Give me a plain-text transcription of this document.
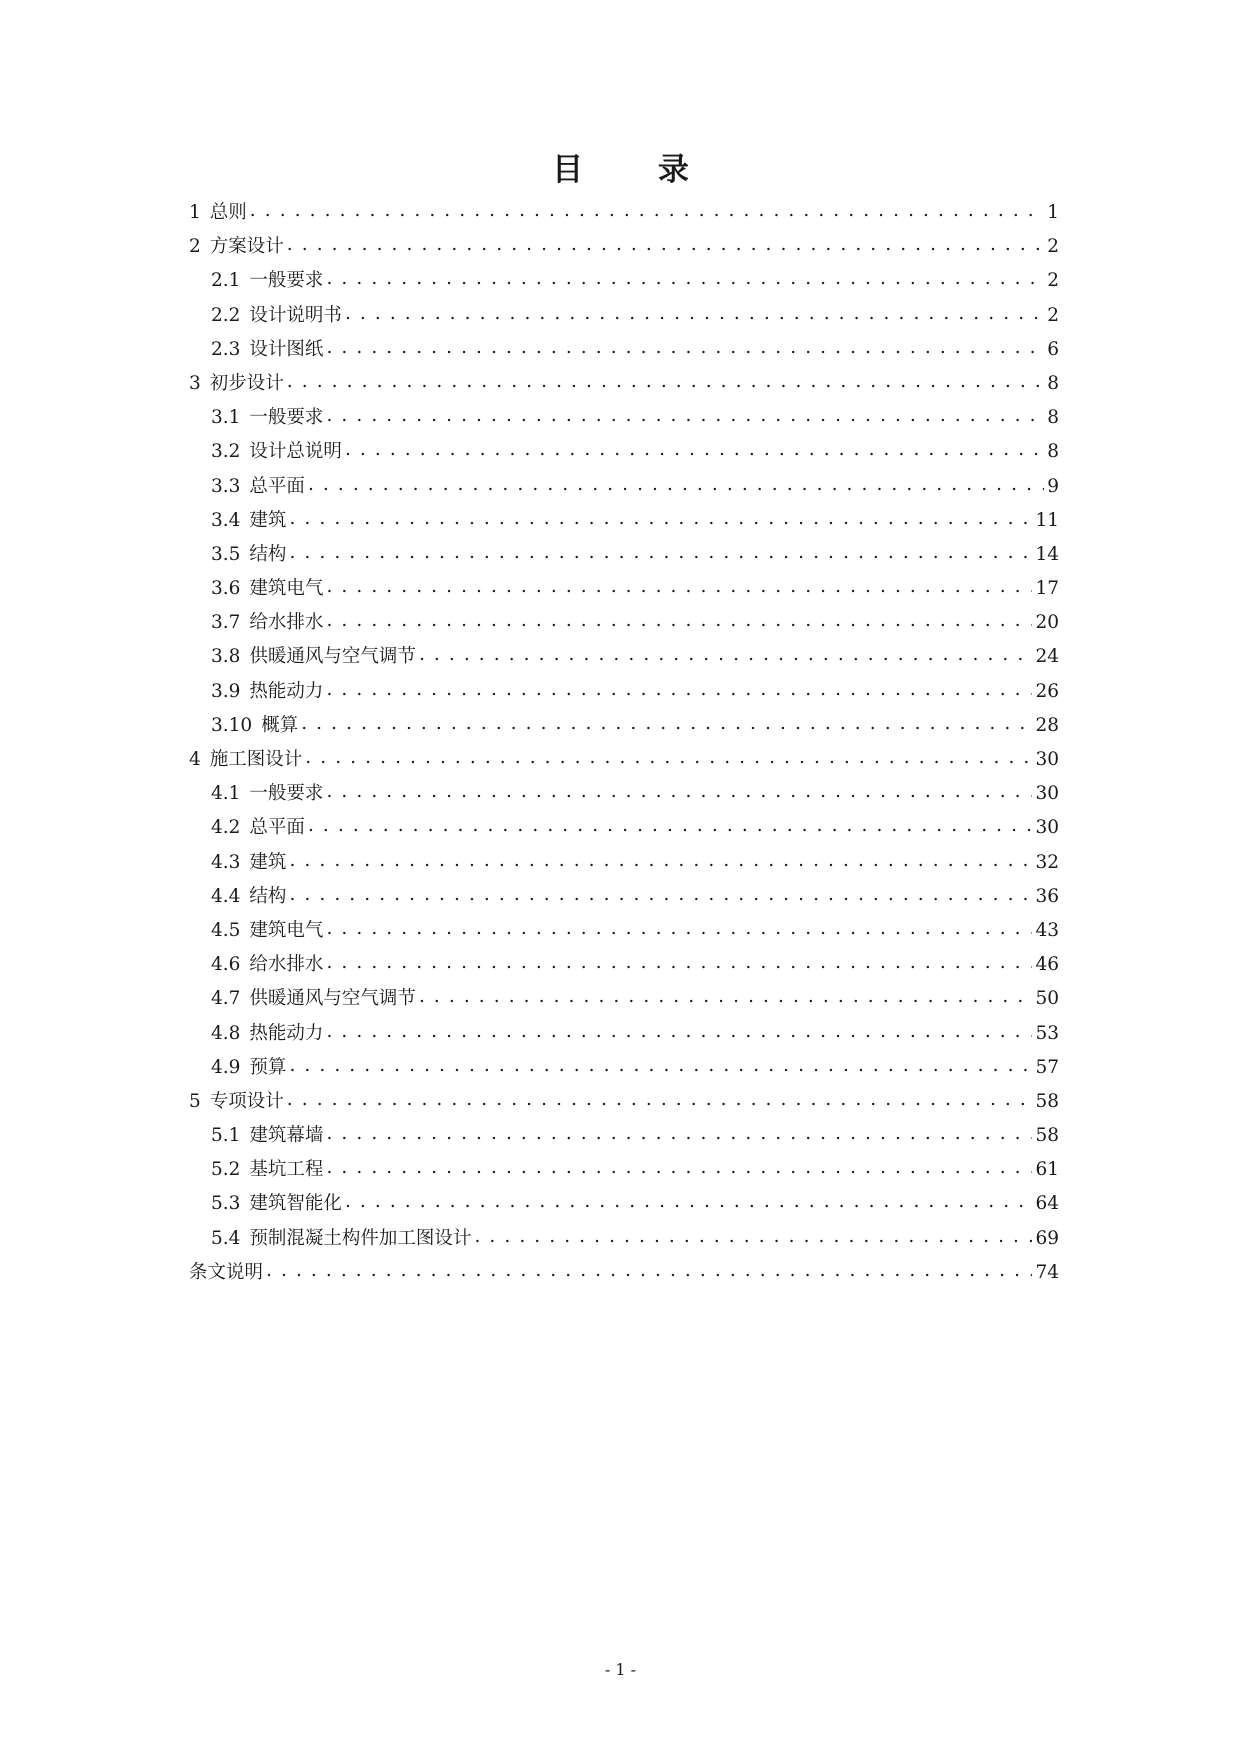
目 录
1 总则 . . .	1
2 方案设计 . . .	2
2.1 一般要求 . . .	2
2.2 设计说明书 . . .	2
2.3 设计图纸 . . .	6
3 初步设计 . . .	8
3.1 一般要求 . . .	8
3.2 设计总说明 . . .	8
3.3 总平面 . . .	9
3.4 建筑 . . .	11
3.5 结构 . . .	14
3.6 建筑电气 . . .	17
3.7 给水排水 . . .	20
3.8 供暖通风与空气调节 . . .	24
3.9 热能动力 . . .	26
3.10 概算 . . .	28
4 施工图设计 . . .	30
4.1 一般要求 . . .	30
4.2 总平面 . . .	30
4.3 建筑 . . .	32
4.4 结构 . . .	36
4.5 建筑电气 . . .	43
4.6 给水排水 . . .	46
4.7 供暖通风与空气调节 . . .	50
4.8 热能动力 . . .	53
4.9 预算 . . .	57
5 专项设计 . . .	58
5.1 建筑幕墙 . . .	58
5.2 基坑工程 . . .	61
5.3 建筑智能化 . . .	64
5.4 预制混凝土构件加工图设计 . . .	69
条文说明 . . .	74
- 1 -
